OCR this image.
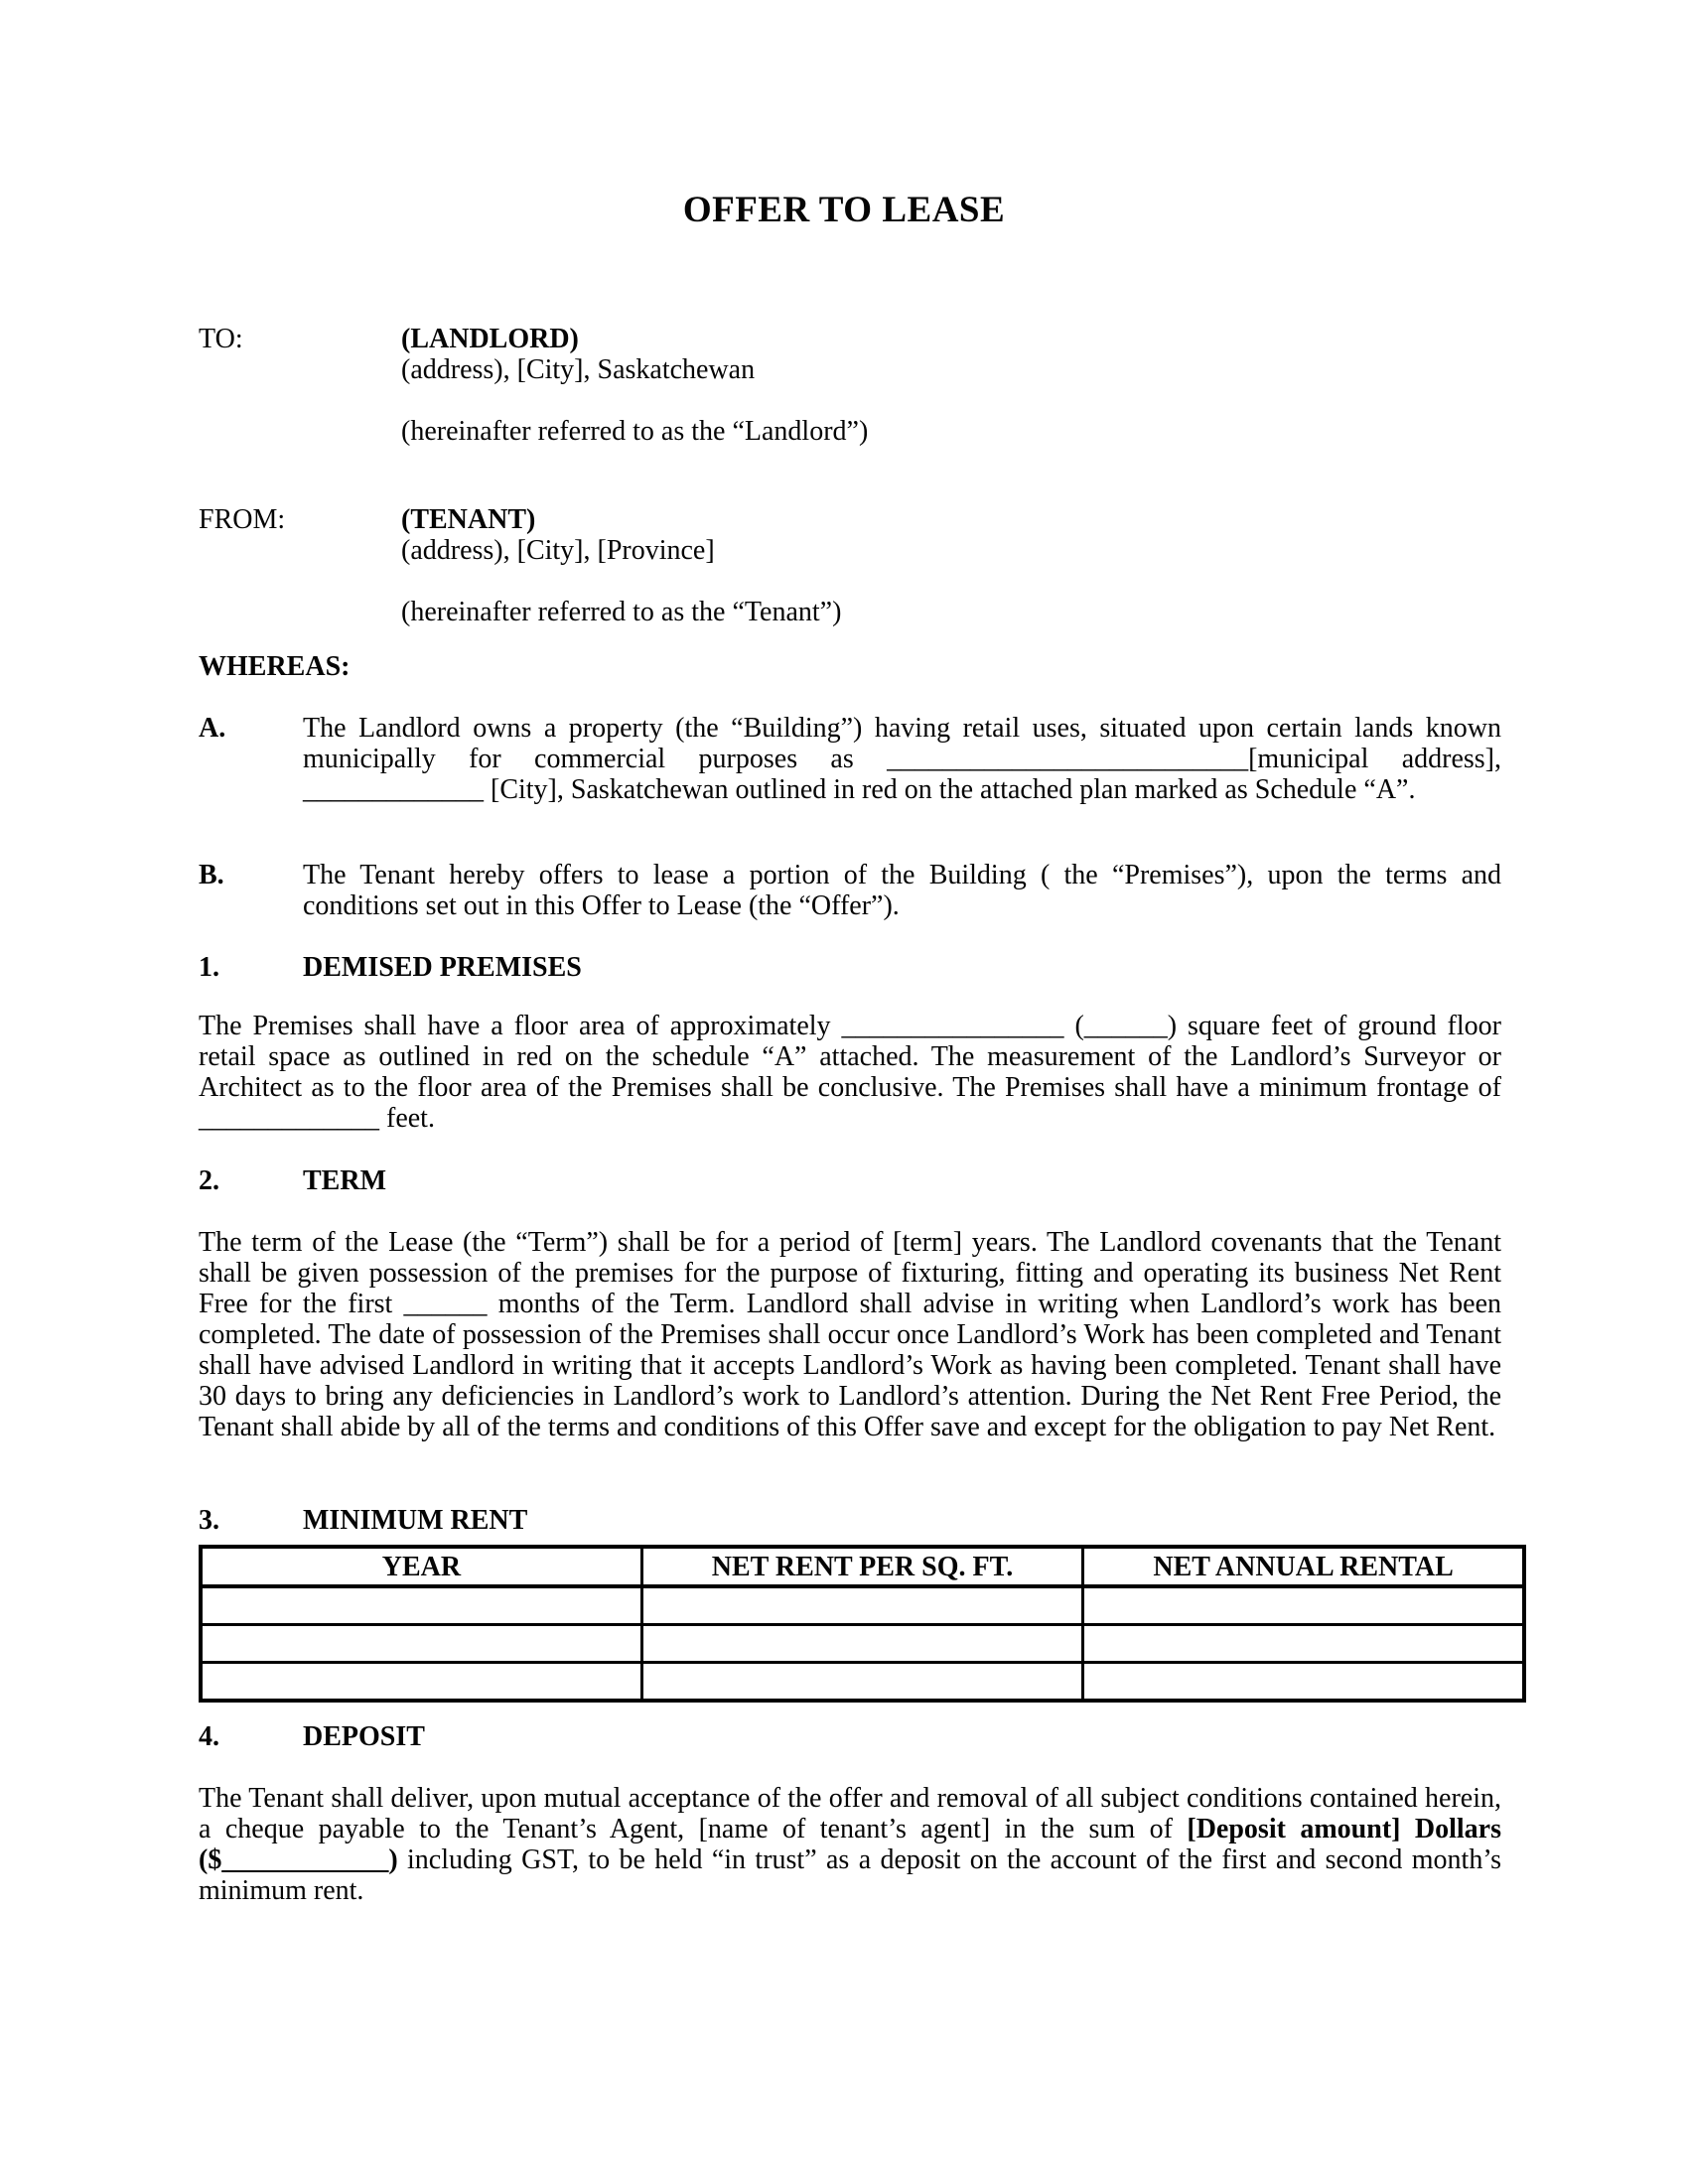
OFFER TO LEASE
TO:	(LANDLORD)
(address), [City], Saskatchewan
(hereinafter referred to as the “Landlord”)
FROM:	(TENANT)
(address), [City], [Province]
(hereinafter referred to as the “Tenant”)
WHEREAS:
A.	The Landlord owns a property (the “Building”) having retail uses, situated upon certain lands known municipally for commercial purposes as __________________________[municipal address], _____________ [City], Saskatchewan outlined in red on the attached plan marked as Schedule “A”.

B.	The Tenant hereby offers to lease a portion of the Building ( the “Premises”), upon the terms and conditions set out in this Offer to Lease (the “Offer”).

1.	DEMISED PREMISES

The Premises shall have a floor area of approximately ________________ (______) square feet of ground floor retail space as outlined in red on the schedule “A” attached. The measurement of the Landlord’s Surveyor or Architect as to the floor area of the Premises shall be conclusive. The Premises shall have a minimum frontage of _____________ feet.

2.	TERM

The term of the Lease (the “Term”) shall be for a period of [term] years. The Landlord covenants that the Tenant shall be given possession of the premises for the purpose of fixturing, fitting and operating its business Net Rent Free for the first ______ months of the Term. Landlord shall advise in writing when Landlord’s work has been completed. The date of possession of the Premises shall occur once Landlord’s Work has been completed and Tenant shall have advised Landlord in writing that it accepts Landlord’s Work as having been completed. Tenant shall have 30 days to bring any deficiencies in Landlord’s work to Landlord’s attention. During the Net Rent Free Period, the Tenant shall abide by all of the terms and conditions of this Offer save and except for the obligation to pay Net Rent.

3.	MINIMUM RENT
YEAR	NET RENT PER SQ. FT.	NET ANNUAL RENTAL

4.	DEPOSIT

The Tenant shall deliver, upon mutual acceptance of the offer and removal of all subject conditions contained herein, a cheque payable to the Tenant’s Agent, [name of tenant’s agent] in the sum of [Deposit amount] Dollars ($____________) including GST, to be held “in trust” as a deposit on the account of the first and second month’s minimum rent.
